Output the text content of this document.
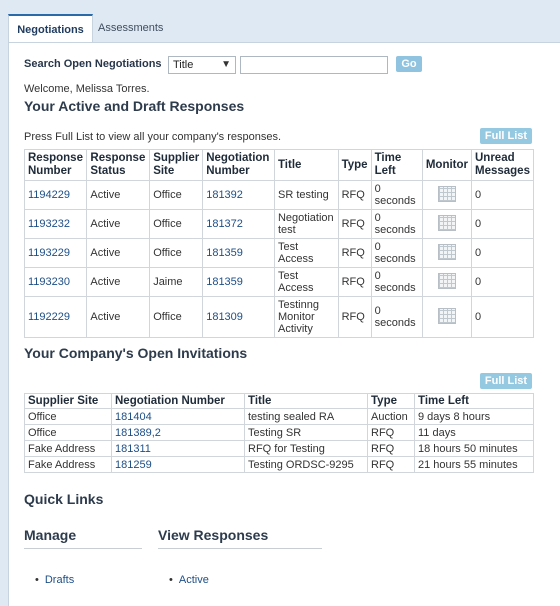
Negotiations	Assessments
Search Open Negotiations	Title	▼	Go
Welcome, Melissa Torres.
Your Active and Draft Responses
Press Full List to view all your company's responses.	Full List
Response Number	Response Status	Supplier Site	Negotiation Number	Title	Type	Time Left	Monitor	Unread Messages
1194229	Active	Office	181392	SR testing	RFQ	0 seconds		0
1193232	Active	Office	181372	Negotiation test	RFQ	0 seconds		0
1193229	Active	Office	181359	Test Access	RFQ	0 seconds		0
1193230	Active	Jaime	181359	Test Access	RFQ	0 seconds		0
1192229	Active	Office	181309	Testinng Monitor Activity	RFQ	0 seconds		0
Your Company's Open Invitations
Full List
Supplier Site	Negotiation Number	Title	Type	Time Left
Office	181404	testing sealed RA	Auction	9 days 8 hours
Office	181389,2	Testing SR	RFQ	11 days
Fake Address	181311	RFQ for Testing	RFQ	18 hours 50 minutes
Fake Address	181259	Testing ORDSC-9295	RFQ	21 hours 55 minutes
Quick Links
Manage	View Responses
• Drafts	• Active
